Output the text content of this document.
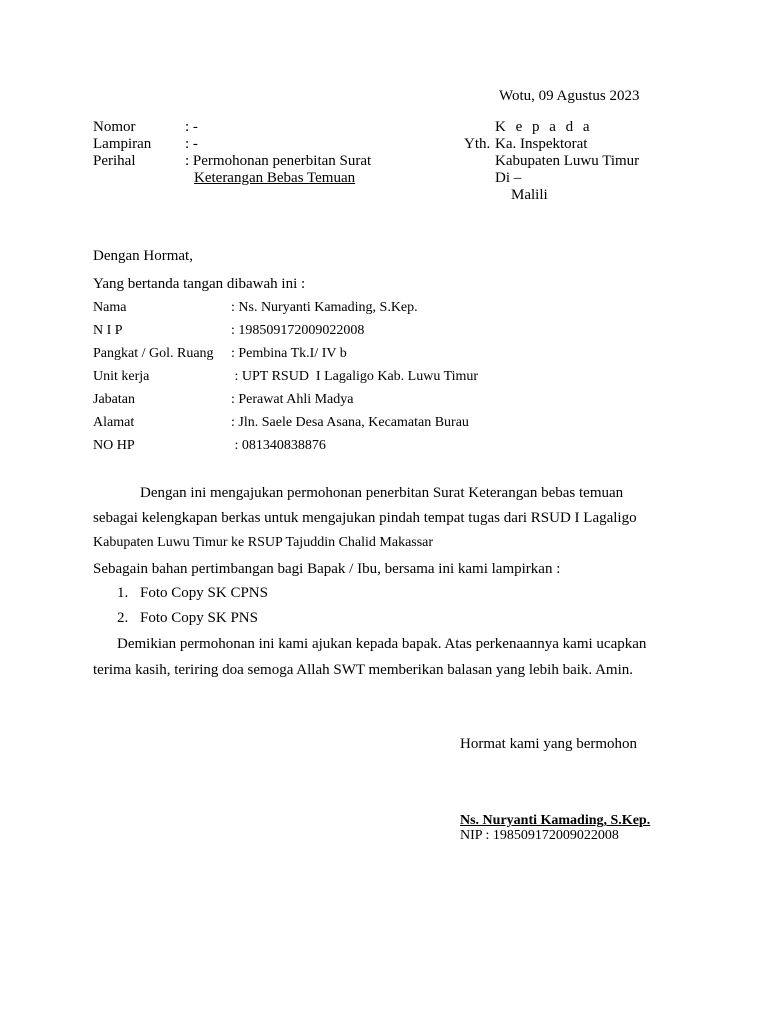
Wotu, 09 Agustus 2023
Nomor	: -
Lampiran : -
Perihal	: Permohonan penerbitan Surat
Keterangan Bebas Temuan
K e p a d a
Yth. Ka. Inspektorat
Kabupaten Luwu Timur
Di –
Malili
Dengan Hormat,
Yang bertanda tangan dibawah ini :
Nama	: Ns. Nuryanti Kamading, S.Kep.
N I P	: 198509172009022008
Pangkat / Gol. Ruang : Pembina Tk.I/ IV b
Unit kerja	: UPT RSUD  I Lagaligo Kab. Luwu Timur
Jabatan	: Perawat Ahli Madya
Alamat	: Jln. Saele Desa Asana, Kecamatan Burau
NO HP	: 081340838876
Dengan ini mengajukan permohonan penerbitan Surat Keterangan bebas temuan
sebagai kelengkapan berkas untuk mengajukan pindah tempat tugas dari RSUD I Lagaligo
Kabupaten Luwu Timur ke RSUP Tajuddin Chalid Makassar
Sebagain bahan pertimbangan bagi Bapak / Ibu, bersama ini kami lampirkan :
1. Foto Copy SK CPNS
2. Foto Copy SK PNS
Demikian permohonan ini kami ajukan kepada bapak. Atas perkenaannya kami ucapkan
terima kasih, teriring doa semoga Allah SWT memberikan balasan yang lebih baik. Amin.
Hormat kami yang bermohon
Ns. Nuryanti Kamading, S.Kep.
NIP : 198509172009022008
